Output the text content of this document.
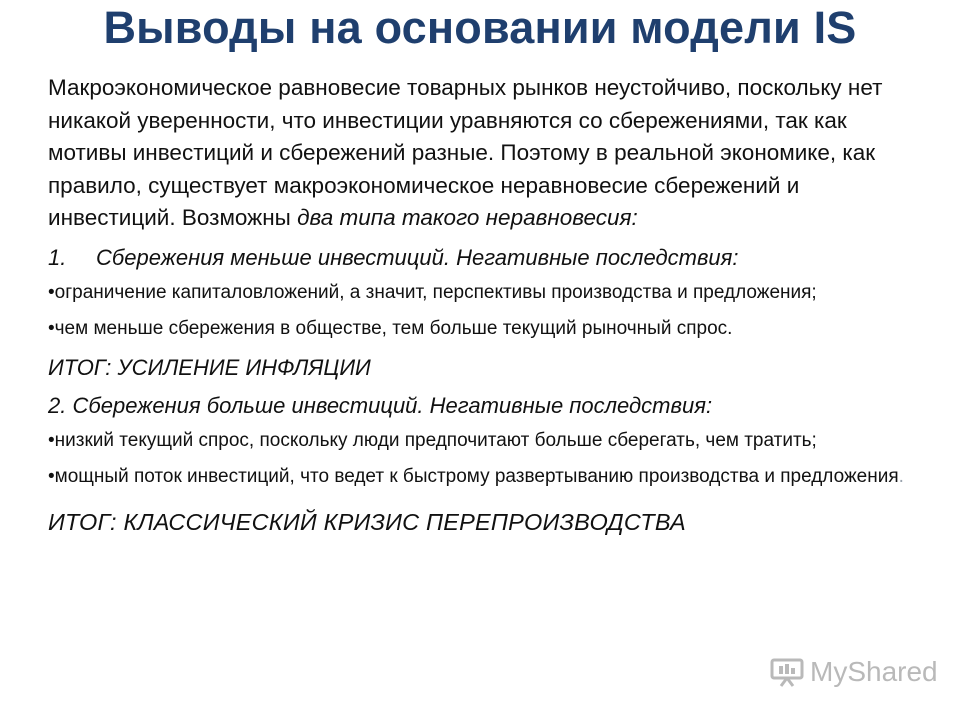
Выводы на основании модели IS

Макроэкономическое равновесие товарных рынков неустойчиво, поскольку нет никакой уверенности, что инвестиции уравняются со сбережениями, так как мотивы инвестиций и сбережений разные. Поэтому в реальной экономике, как правило, существует макроэкономическое неравновесие сбережений и инвестиций. Возможны два типа такого неравновесия:

1.	Сбережения меньше инвестиций. Негативные последствия:
•ограничение капиталовложений, а значит, перспективы производства и предложения;
•чем меньше сбережения в обществе, тем больше текущий рыночный спрос.
ИТОГ: УСИЛЕНИЕ ИНФЛЯЦИИ
2. Сбережения больше инвестиций. Негативные последствия:
•низкий текущий спрос, поскольку люди предпочитают больше сберегать, чем тратить;
•мощный поток инвестиций, что ведет к быстрому развертыванию производства и предложения.
ИТОГ: КЛАССИЧЕСКИЙ КРИЗИС ПЕРЕПРОИЗВОДСТВА
MyShared
